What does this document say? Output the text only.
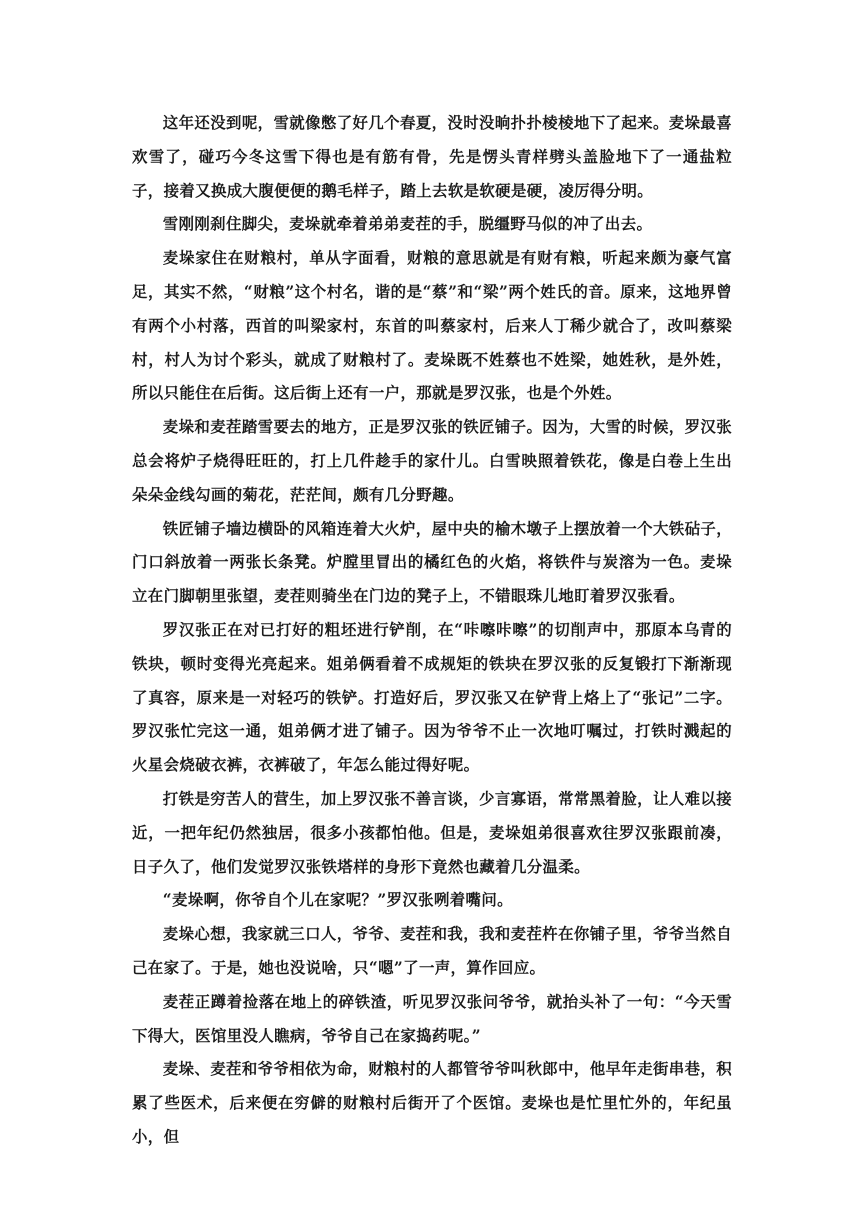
这年还没到呢，雪就像憋了好几个春夏，没时没晌扑扑棱棱地下了起来。麦垛最喜欢雪了，碰巧今冬这雪下得也是有筋有骨，先是愣头青样劈头盖脸地下了一通盐粒子，接着又换成大腹便便的鹅毛样子，踏上去软是软硬是硬，凌厉得分明。

雪刚刚刹住脚尖，麦垛就牵着弟弟麦茬的手，脱缰野马似的冲了出去。

麦垛家住在财粮村，单从字面看，财粮的意思就是有财有粮，听起来颇为豪气富足，其实不然，“财粮”这个村名，谐的是“蔡”和“梁”两个姓氏的音。原来，这地界曾有两个小村落，西首的叫梁家村，东首的叫蔡家村，后来人丁稀少就合了，改叫蔡梁村，村人为讨个彩头，就成了财粮村了。麦垛既不姓蔡也不姓梁，她姓秋，是外姓，所以只能住在后街。这后街上还有一户，那就是罗汉张，也是个外姓。

麦垛和麦茬踏雪要去的地方，正是罗汉张的铁匠铺子。因为，大雪的时候，罗汉张总会将炉子烧得旺旺的，打上几件趁手的家什儿。白雪映照着铁花，像是白卷上生出朵朵金线勾画的菊花，茫茫间，颇有几分野趣。

铁匠铺子墙边横卧的风箱连着大火炉，屋中央的榆木墩子上摆放着一个大铁砧子，门口斜放着一两张长条凳。炉膛里冒出的橘红色的火焰，将铁件与炭溶为一色。麦垛立在门脚朝里张望，麦茬则骑坐在门边的凳子上，不错眼珠儿地盯着罗汉张看。

罗汉张正在对已打好的粗坯进行铲削，在“咔嚓咔嚓”的切削声中，那原本乌青的铁块，顿时变得光亮起来。姐弟俩看着不成规矩的铁块在罗汉张的反复锻打下渐渐现了真容，原来是一对轻巧的铁铲。打造好后，罗汉张又在铲背上烙上了“张记”二字。罗汉张忙完这一通，姐弟俩才进了铺子。因为爷爷不止一次地叮嘱过，打铁时溅起的火星会烧破衣裤，衣裤破了，年怎么能过得好呢。

打铁是穷苦人的营生，加上罗汉张不善言谈，少言寡语，常常黑着脸，让人难以接近，一把年纪仍然独居，很多小孩都怕他。但是，麦垛姐弟很喜欢往罗汉张跟前凑，日子久了，他们发觉罗汉张铁塔样的身形下竟然也藏着几分温柔。

“麦垛啊，你爷自个儿在家呢？”罗汉张咧着嘴问。

麦垛心想，我家就三口人，爷爷、麦茬和我，我和麦茬杵在你铺子里，爷爷当然自己在家了。于是，她也没说啥，只“嗯”了一声，算作回应。

麦茬正蹲着捡落在地上的碎铁渣，听见罗汉张问爷爷，就抬头补了一句：“今天雪下得大，医馆里没人瞧病，爷爷自己在家捣药呢。”

麦垛、麦茬和爷爷相依为命，财粮村的人都管爷爷叫秋郎中，他早年走街串巷，积累了些医术，后来便在穷僻的财粮村后街开了个医馆。麦垛也是忙里忙外的，年纪虽小，但
